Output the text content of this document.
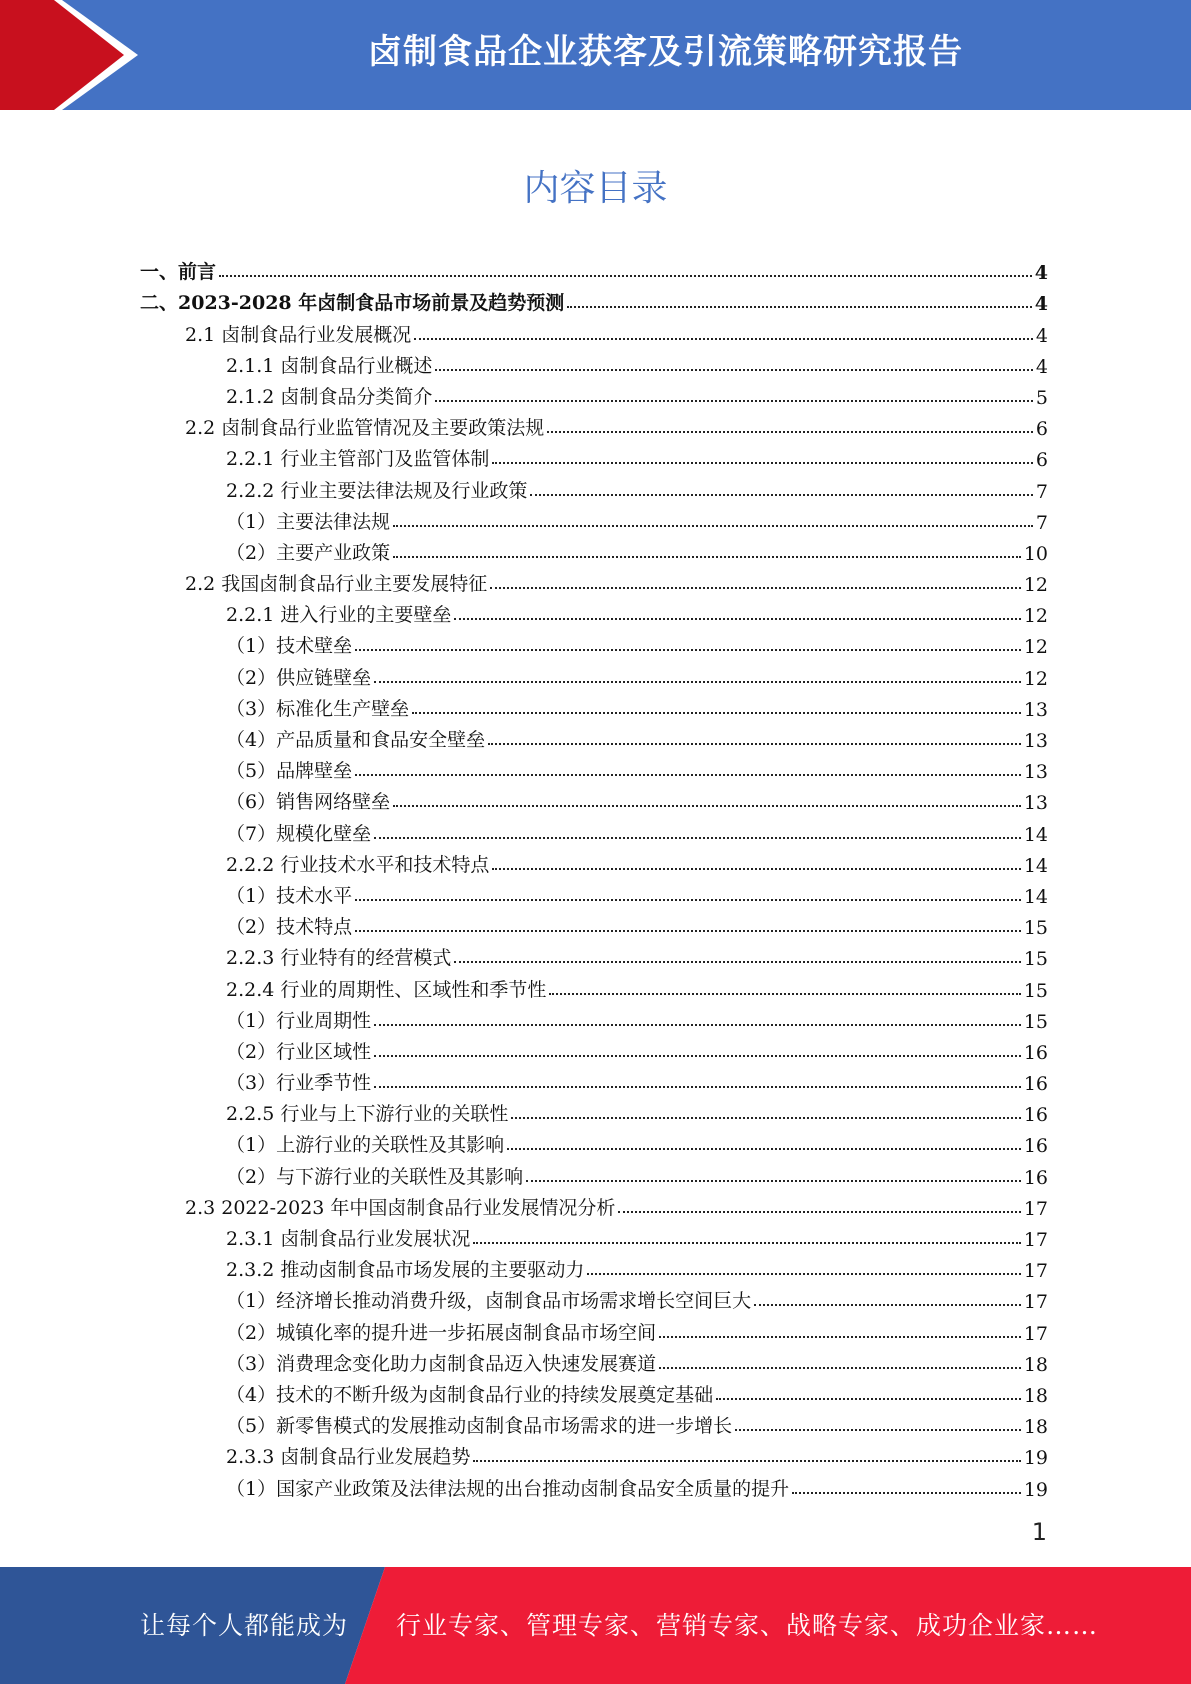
卤制食品企业获客及引流策略研究报告
内容目录
一、前言	4
二、2023-2028 年卤制食品市场前景及趋势预测	4
2.1 卤制食品行业发展概况	4
2.1.1 卤制食品行业概述	4
2.1.2 卤制食品分类简介	5
2.2 卤制食品行业监管情况及主要政策法规	6
2.2.1 行业主管部门及监管体制	6
2.2.2 行业主要法律法规及行业政策	7
（1）主要法律法规	7
（2）主要产业政策	10
2.2 我国卤制食品行业主要发展特征	12
2.2.1 进入行业的主要壁垒	12
（1）技术壁垒	12
（2）供应链壁垒	12
（3）标准化生产壁垒	13
（4）产品质量和食品安全壁垒	13
（5）品牌壁垒	13
（6）销售网络壁垒	13
（7）规模化壁垒	14
2.2.2 行业技术水平和技术特点	14
（1）技术水平	14
（2）技术特点	15
2.2.3 行业特有的经营模式	15
2.2.4 行业的周期性、区域性和季节性	15
（1）行业周期性	15
（2）行业区域性	16
（3）行业季节性	16
2.2.5 行业与上下游行业的关联性	16
（1）上游行业的关联性及其影响	16
（2）与下游行业的关联性及其影响	16
2.3 2022-2023 年中国卤制食品行业发展情况分析	17
2.3.1 卤制食品行业发展状况	17
2.3.2 推动卤制食品市场发展的主要驱动力	17
（1）经济增长推动消费升级，卤制食品市场需求增长空间巨大	17
（2）城镇化率的提升进一步拓展卤制食品市场空间	17
（3）消费理念变化助力卤制食品迈入快速发展赛道	18
（4）技术的不断升级为卤制食品行业的持续发展奠定基础	18
（5）新零售模式的发展推动卤制食品市场需求的进一步增长	18
2.3.3 卤制食品行业发展趋势	19
（1）国家产业政策及法律法规的出台推动卤制食品安全质量的提升	19
1
让每个人都能成为 行业专家、管理专家、营销专家、战略专家、成功企业家……
